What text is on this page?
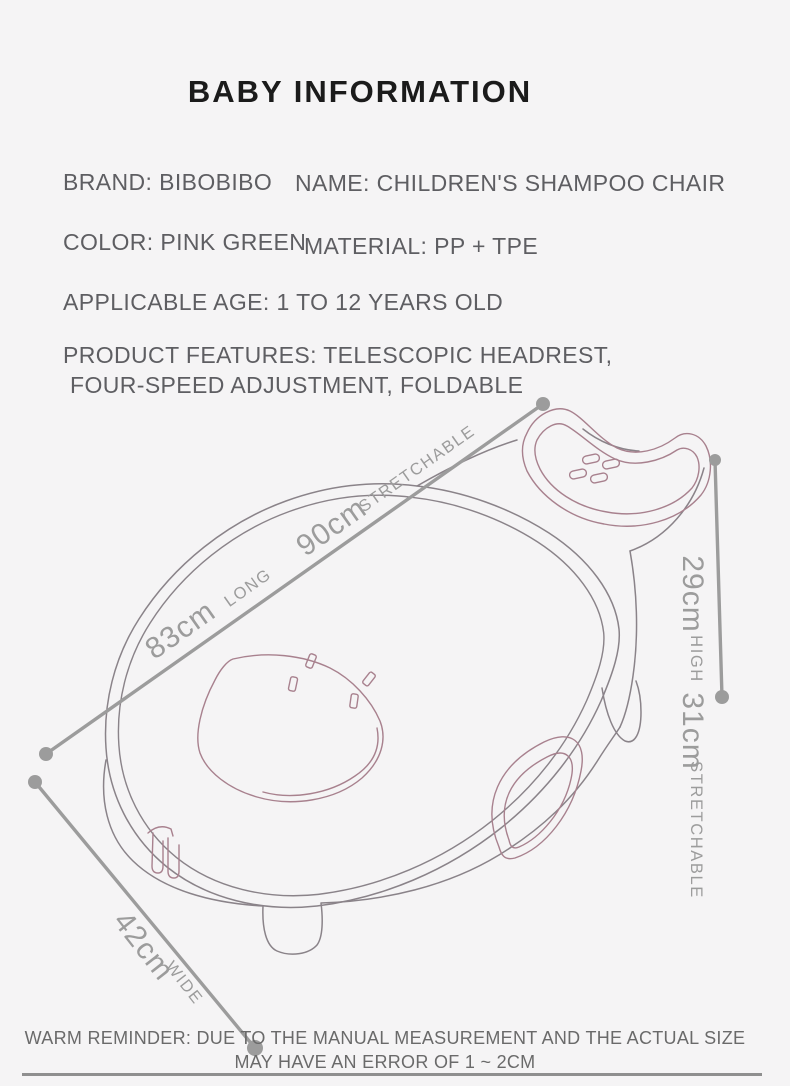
BABY INFORMATION
BRAND: BIBOBIBO NAME: CHILDREN'S SHAMPOO CHAIR
COLOR: PINK GREEN
MATERIAL: PP + TPE
APPLICABLE AGE: 1 TO 12 YEARS OLD
PRODUCT FEATURES: TELESCOPIC HEADREST,
FOUR-SPEED ADJUSTMENT, FOLDABLE
83cm
LONG
90cm
STRETCHABLE
29cm
HIGH
31cm
STRETCHABLE
42cm
WIDE
WARM REMINDER: DUE TO THE MANUAL MEASUREMENT AND THE ACTUAL SIZE
MAY HAVE AN ERROR OF 1 ~ 2CM
